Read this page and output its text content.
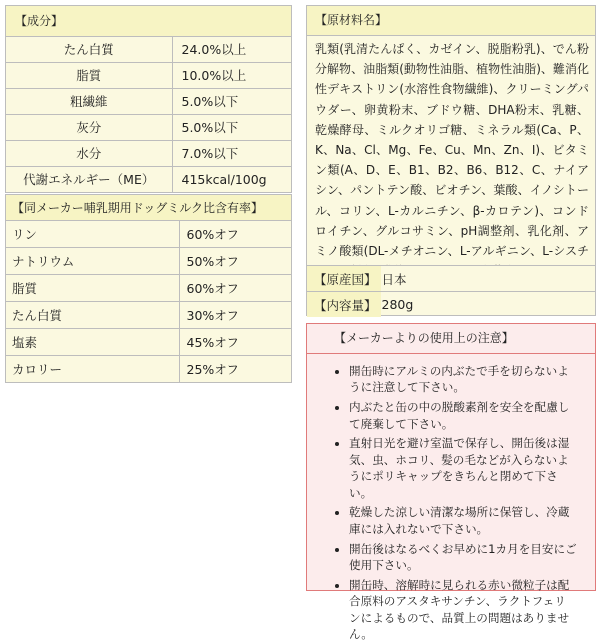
【成分】	
たん白質	24.0%以上
脂質	10.0%以上
粗繊維	5.0%以下
灰分	5.0%以下
水分	7.0%以下
代謝エネルギー（ME）	415kcal/100g
【同メーカー哺乳期用ドッグミルク比含有率】	
リン	60%オフ
ナトリウム	50%オフ
脂質	60%オフ
たん白質	30%オフ
塩素	45%オフ
カロリー	25%オフ
【原材料名】
乳類(乳清たんぱく、カゼイン、脱脂粉乳)、でん粉分解物、油脂類(動物性油脂、植物性油脂)、難消化性デキストリン(水溶性食物繊維)、クリーミングパウダー、卵黄粉末、ブドウ糖、DHA粉末、乳糖、乾燥酵母、ミルクオリゴ糖、ミネラル類(Ca、P、K、Na、Cl、Mg、Fe、Cu、Mn、Zn、I)、ビタミン類(A、D、E、B1、B2、B6、B12、C、ナイアシン、パントテン酸、ビオチン、葉酸、イノシトール、コリン、L-カルニチン、β-カロテン)、コンドロイチン、グルコサミン、pH調整剤、乳化剤、アミノ酸類(DL-メチオニン、L-アルギニン、L-シスチ
【原産国】 日本
【内容量】 280g
【メーカーよりの使用上の注意】
• 開缶時にアルミの内ぶたで手を切らないように注意して下さい。
• 内ぶたと缶の中の脱酸素剤を安全を配慮して廃棄して下さい。
• 直射日光を避け室温で保存し、開缶後は湿気、虫、ホコリ、髪の毛などが入らないようにポリキャップをきちんと閉めて下さい。
• 乾燥した涼しい清潔な場所に保管し、冷蔵庫には入れないで下さい。
• 開缶後はなるべくお早めに1カ月を目安にご使用下さい。
• 開缶時、溶解時に見られる赤い微粒子は配合原料のアスタキサンチン、ラクトフェリンによるもので、品質上の問題はありません。
